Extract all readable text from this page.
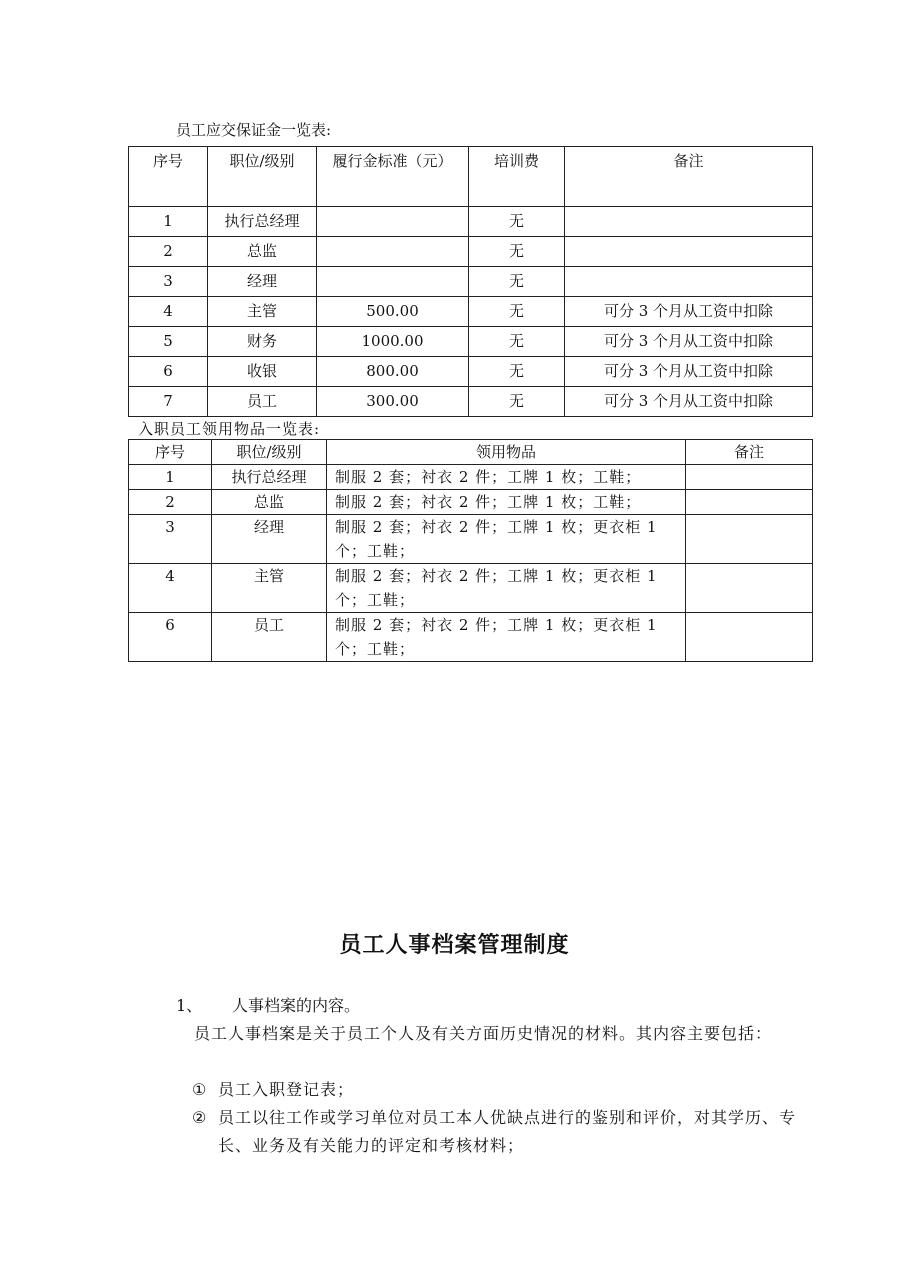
员工应交保证金一览表:
序号	职位/级别	履行金标准（元）	培训费	备注
1	执行总经理		无	
2	总监		无	
3	经理		无	
4	主管	500.00	无	可分 3 个月从工资中扣除
5	财务	1000.00	无	可分 3 个月从工资中扣除
6	收银	800.00	无	可分 3 个月从工资中扣除
7	员工	300.00	无	可分 3 个月从工资中扣除
入职员工领用物品一览表:
序号	职位/级别	领用物品	备注
1	执行总经理	制服 2 套；衬衣 2 件；工牌 1 枚；工鞋；	
2	总监	制服 2 套；衬衣 2 件；工牌 1 枚；工鞋；	
3	经理	制服 2 套；衬衣 2 件；工牌 1 枚；更衣柜 1 个；工鞋；	
4	主管	制服 2 套；衬衣 2 件；工牌 1 枚；更衣柜 1 个；工鞋；	
6	员工	制服 2 套；衬衣 2 件；工牌 1 枚；更衣柜 1 个；工鞋；	
员工人事档案管理制度
1、 人事档案的内容。
员工人事档案是关于员工个人及有关方面历史情况的材料。其内容主要包括：
① 员工入职登记表；
② 员工以往工作或学习单位对员工本人优缺点进行的鉴别和评价，对其学历、专长、业务及有关能力的评定和考核材料；
